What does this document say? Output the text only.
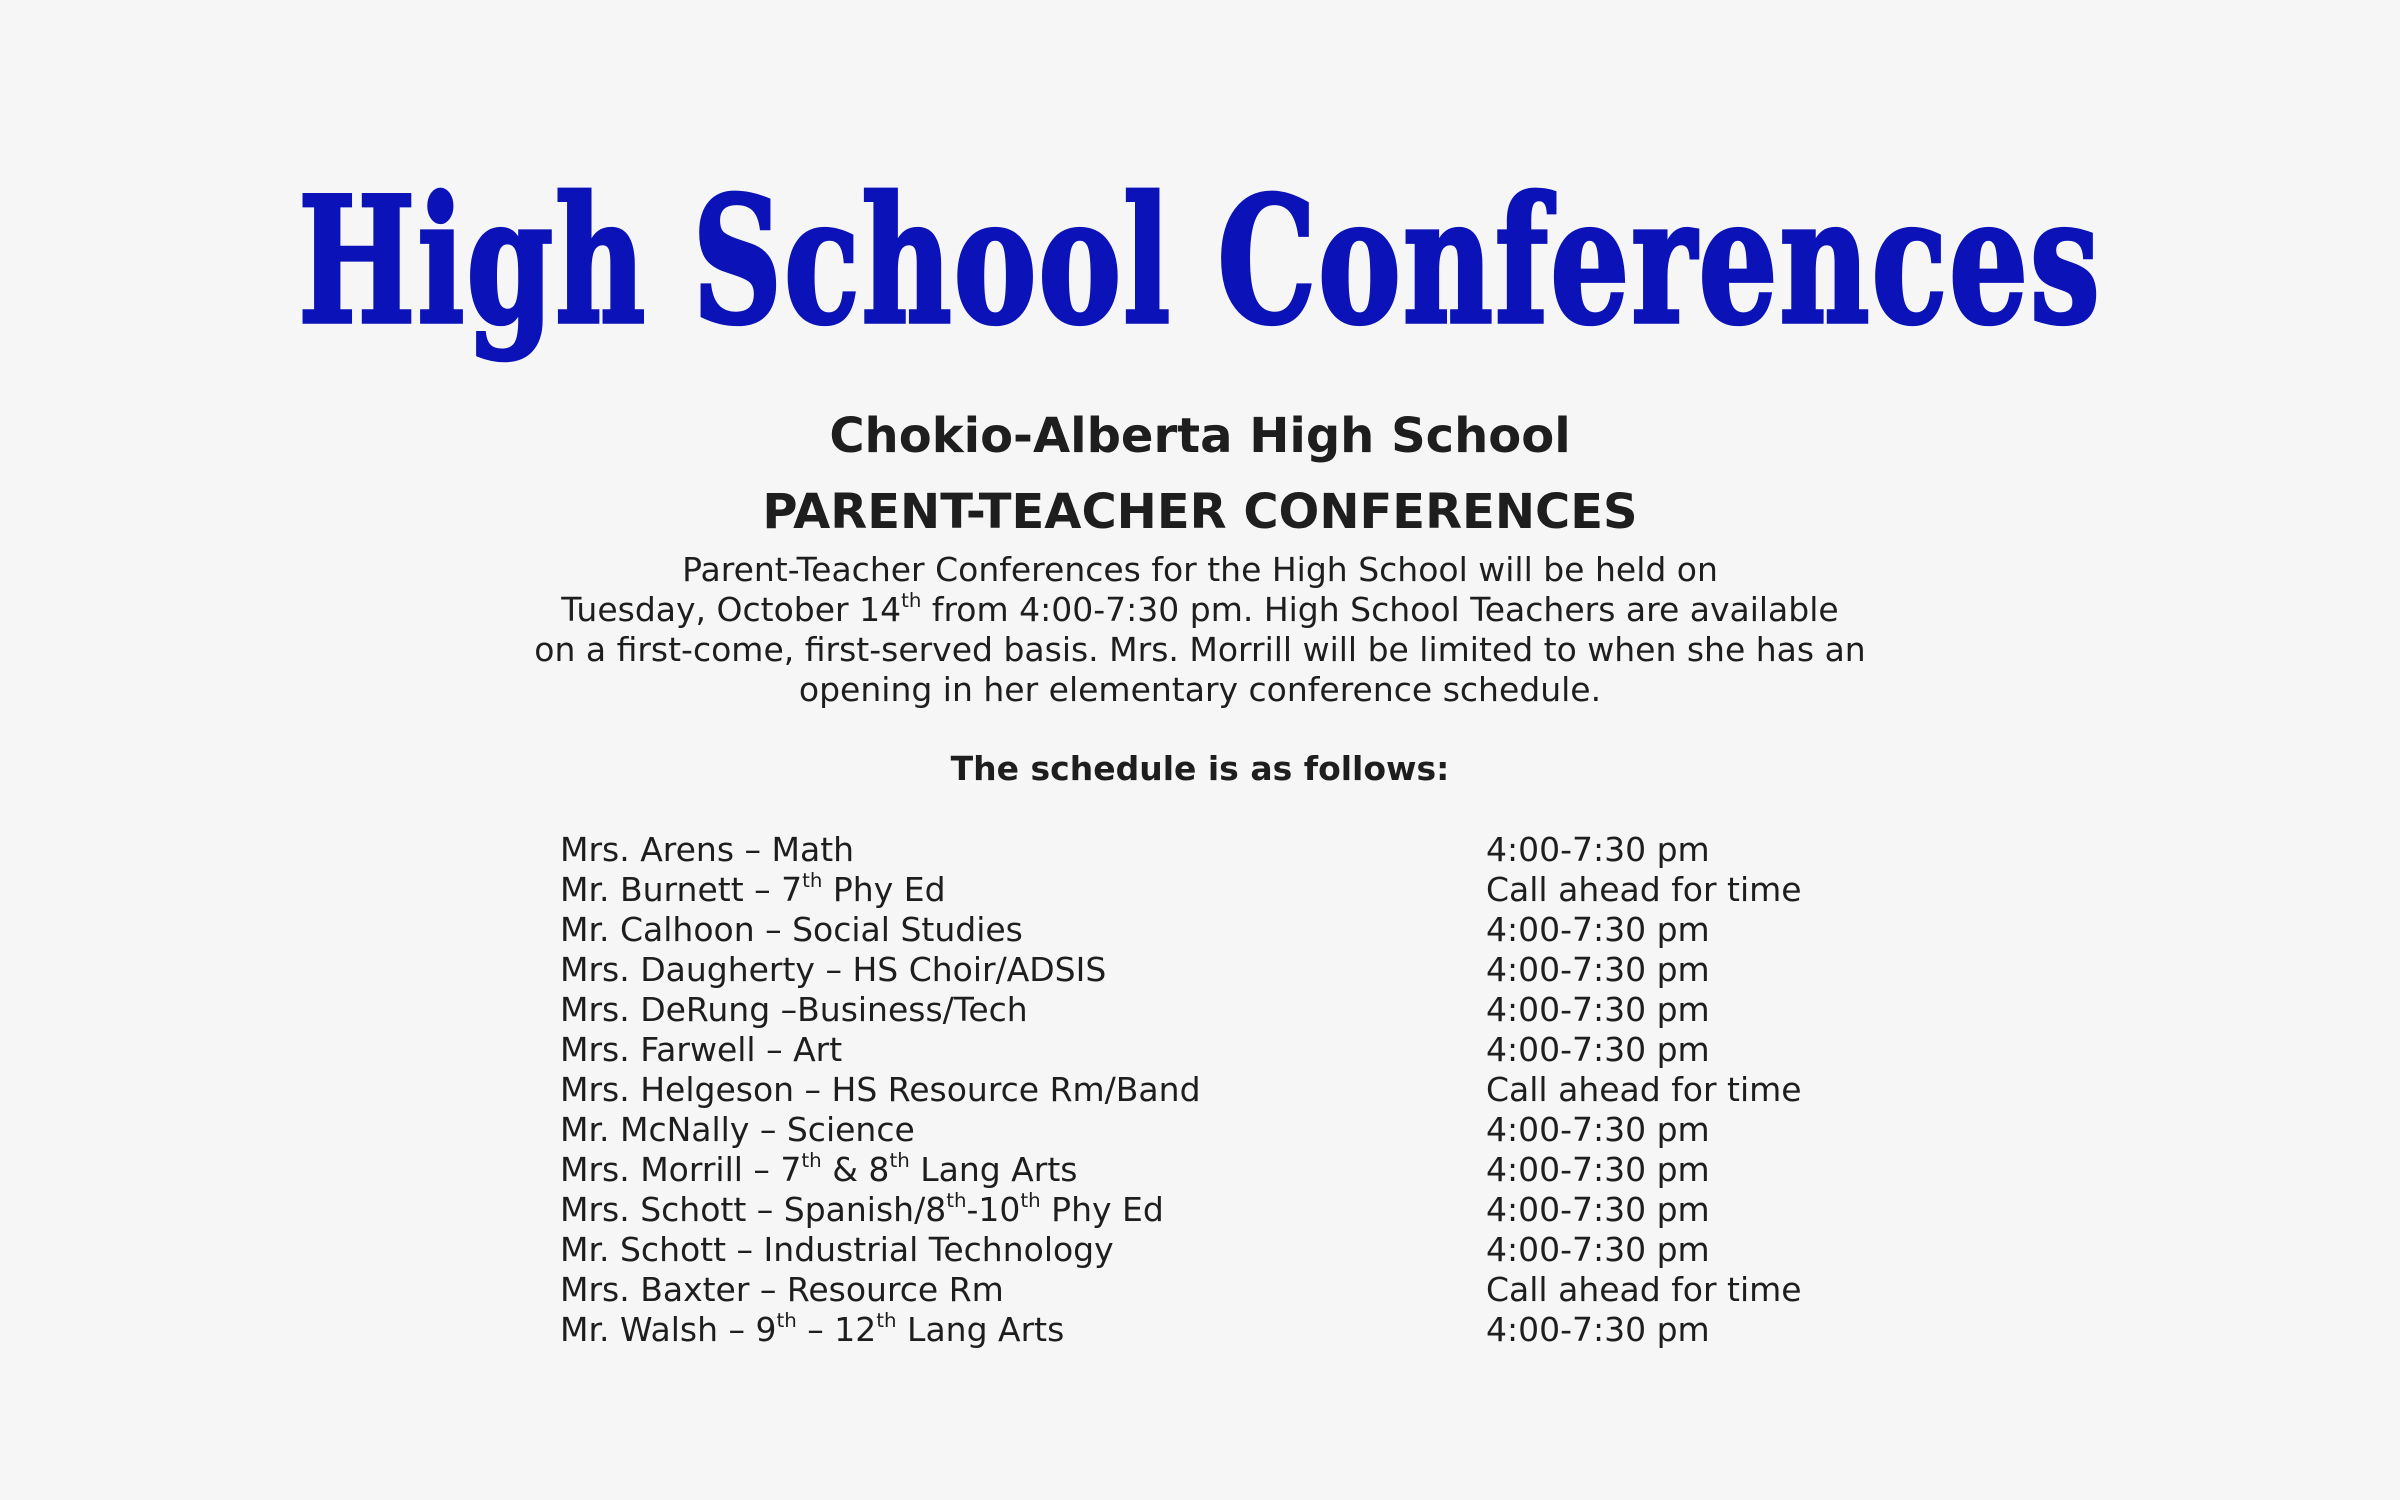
High School Conferences
Chokio-Alberta High School
PARENT-TEACHER CONFERENCES
Parent-Teacher Conferences for the High School will be held on
Tuesday, October 14th from 4:00-7:30 pm. High School Teachers are available
on a first-come, first-served basis. Mrs. Morrill will be limited to when she has an
opening in her elementary conference schedule.
The schedule is as follows:
Mrs. Arens – Math	4:00-7:30 pm
Mr. Burnett – 7th Phy Ed	Call ahead for time
Mr. Calhoon – Social Studies	4:00-7:30 pm
Mrs. Daugherty – HS Choir/ADSIS	4:00-7:30 pm
Mrs. DeRung –Business/Tech	4:00-7:30 pm
Mrs. Farwell – Art	4:00-7:30 pm
Mrs. Helgeson – HS Resource Rm/Band	Call ahead for time
Mr. McNally – Science	4:00-7:30 pm
Mrs. Morrill – 7th & 8th Lang Arts	4:00-7:30 pm
Mrs. Schott – Spanish/8th-10th Phy Ed	4:00-7:30 pm
Mr. Schott – Industrial Technology	4:00-7:30 pm
Mrs. Baxter – Resource Rm	Call ahead for time
Mr. Walsh – 9th – 12th Lang Arts	4:00-7:30 pm
